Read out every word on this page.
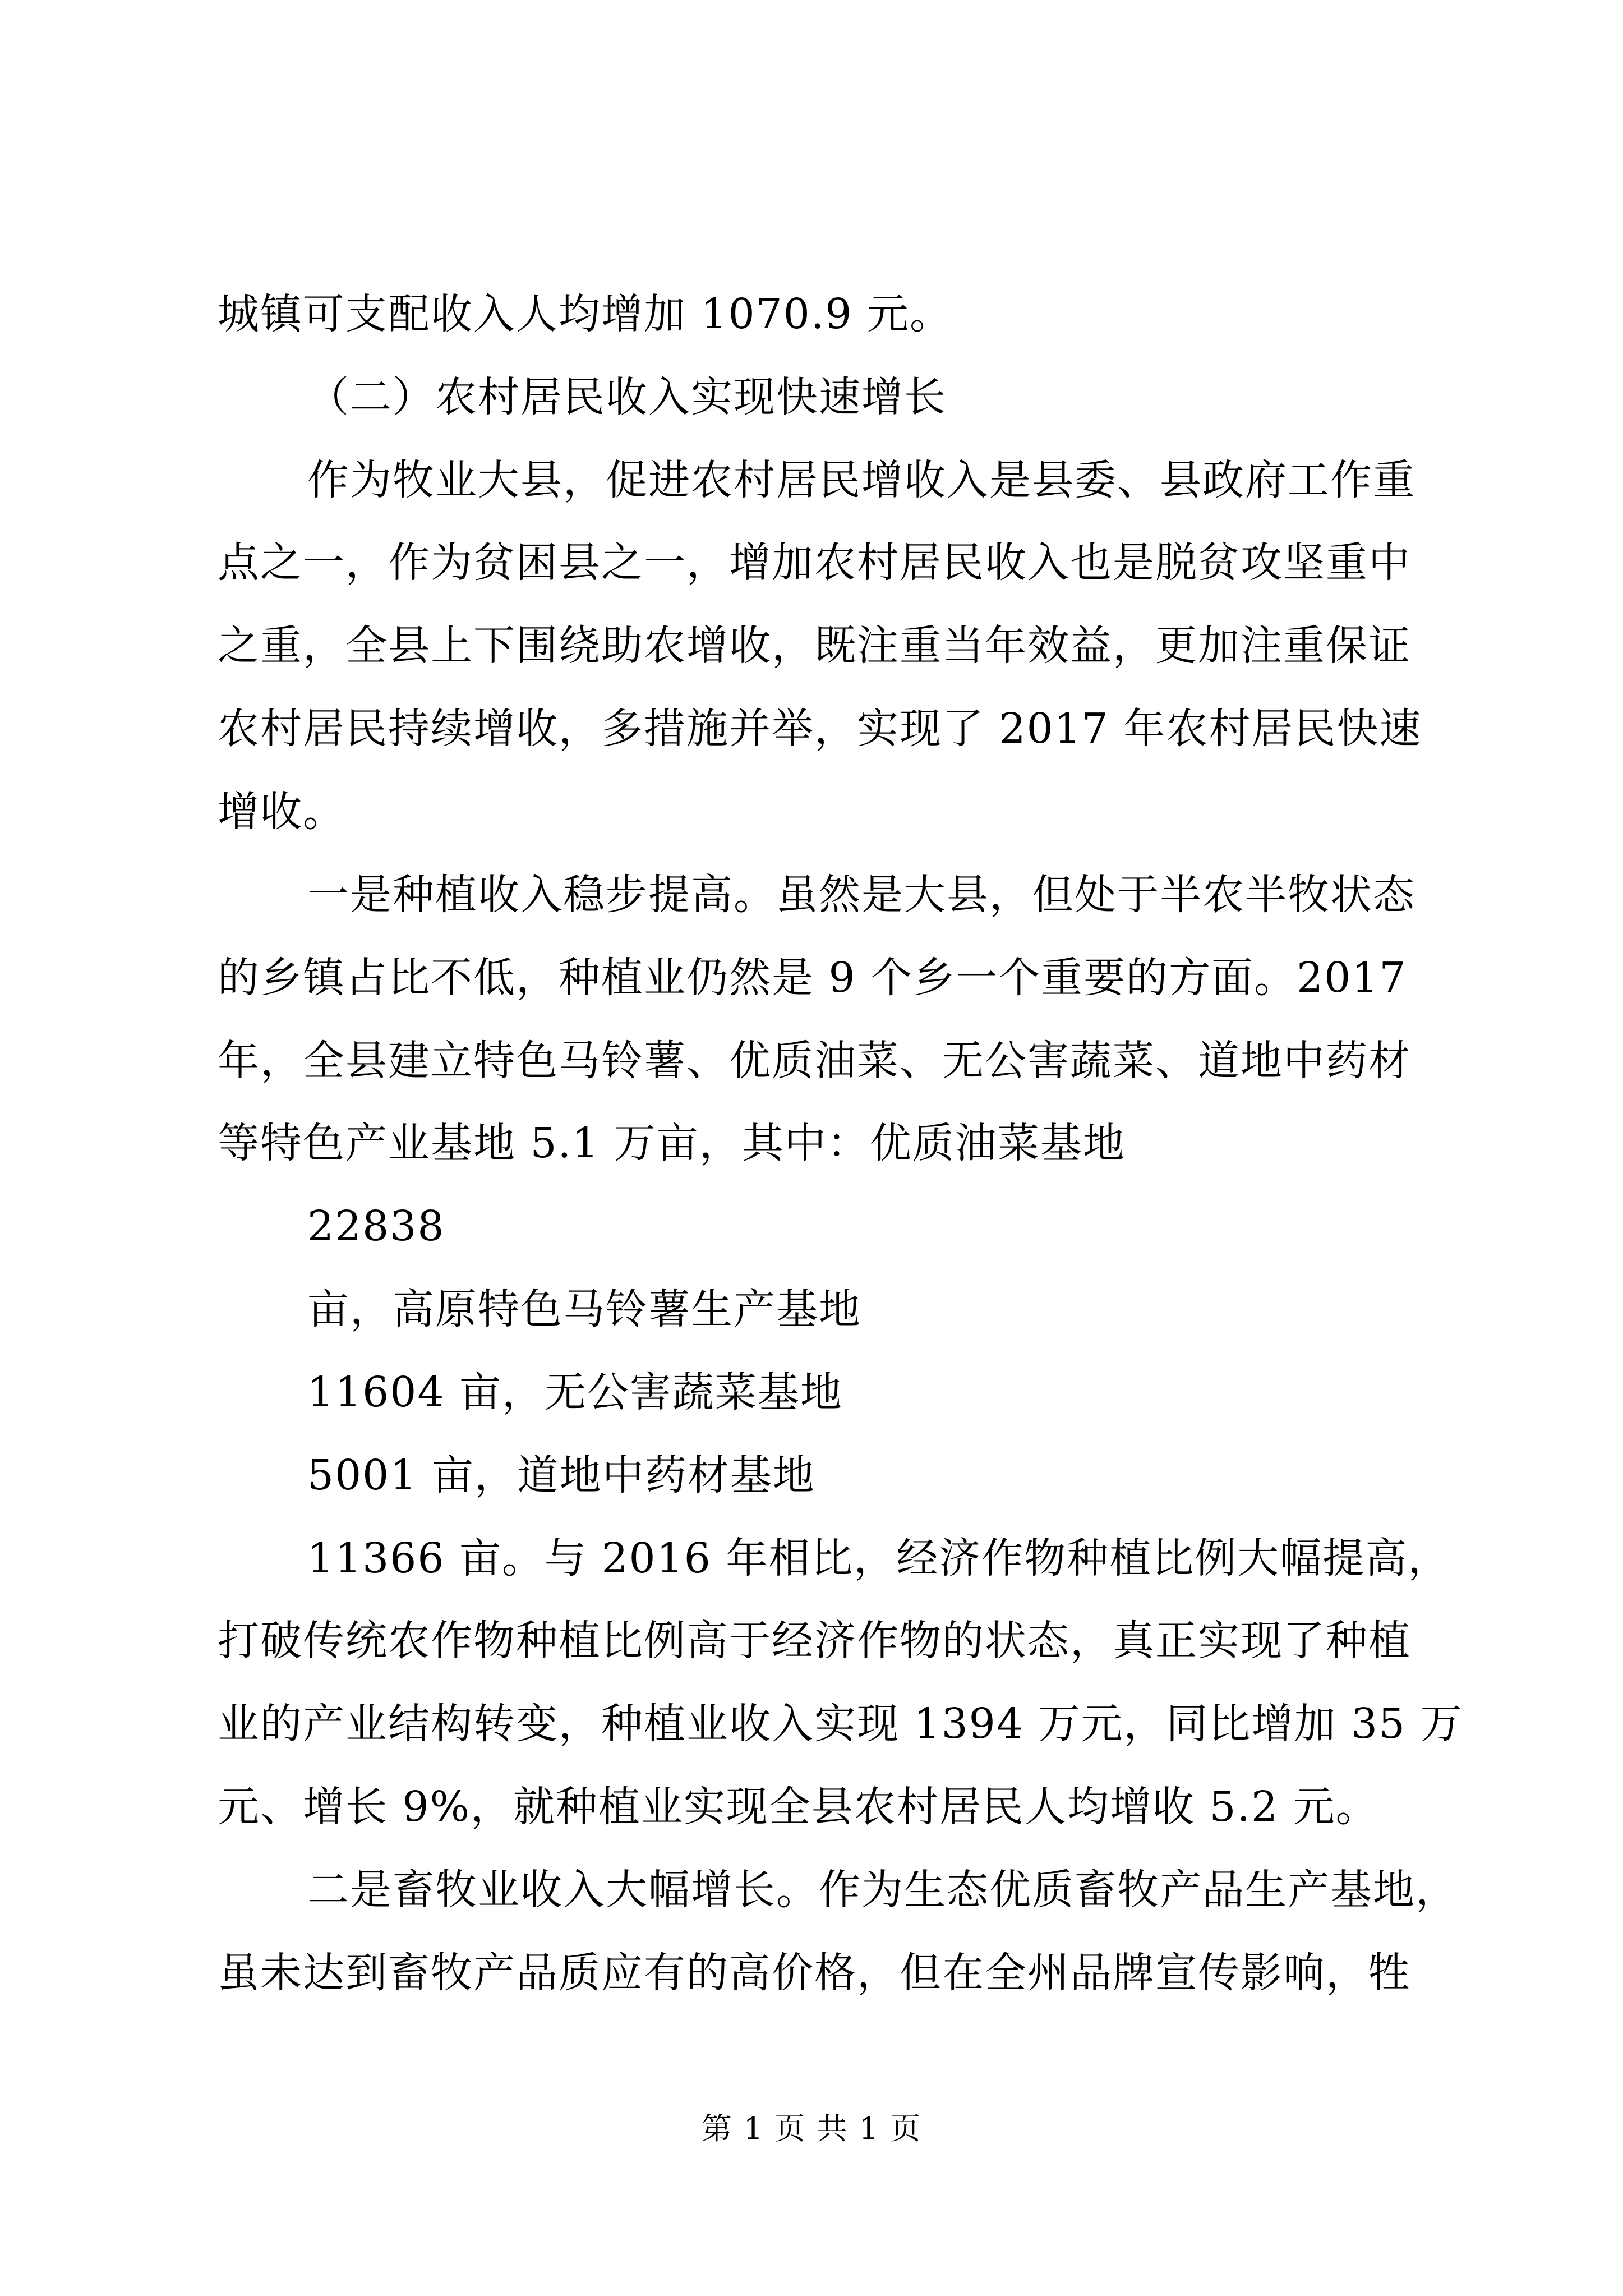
城镇可支配收入人均增加 1070.9 元。
（二）农村居民收入实现快速增长
作为牧业大县，促进农村居民增收入是县委、县政府工作重
点之一，作为贫困县之一，增加农村居民收入也是脱贫攻坚重中
之重，全县上下围绕助农增收，既注重当年效益，更加注重保证
农村居民持续增收，多措施并举，实现了 2017 年农村居民快速
增收。
一是种植收入稳步提高。虽然是大县，但处于半农半牧状态
的乡镇占比不低，种植业仍然是 9 个乡一个重要的方面。2017
年，全县建立特色马铃薯、优质油菜、无公害蔬菜、道地中药材
等特色产业基地 5.1 万亩，其中：优质油菜基地
22838
亩，高原特色马铃薯生产基地
11604 亩，无公害蔬菜基地
5001 亩，道地中药材基地
11366 亩。与 2016 年相比，经济作物种植比例大幅提高，
打破传统农作物种植比例高于经济作物的状态，真正实现了种植
业的产业结构转变，种植业收入实现 1394 万元，同比增加 35 万
元、增长 9%，就种植业实现全县农村居民人均增收 5.2 元。
二是畜牧业收入大幅增长。作为生态优质畜牧产品生产基地，
虽未达到畜牧产品质应有的高价格，但在全州品牌宣传影响，牲
第 1 页 共 1 页
